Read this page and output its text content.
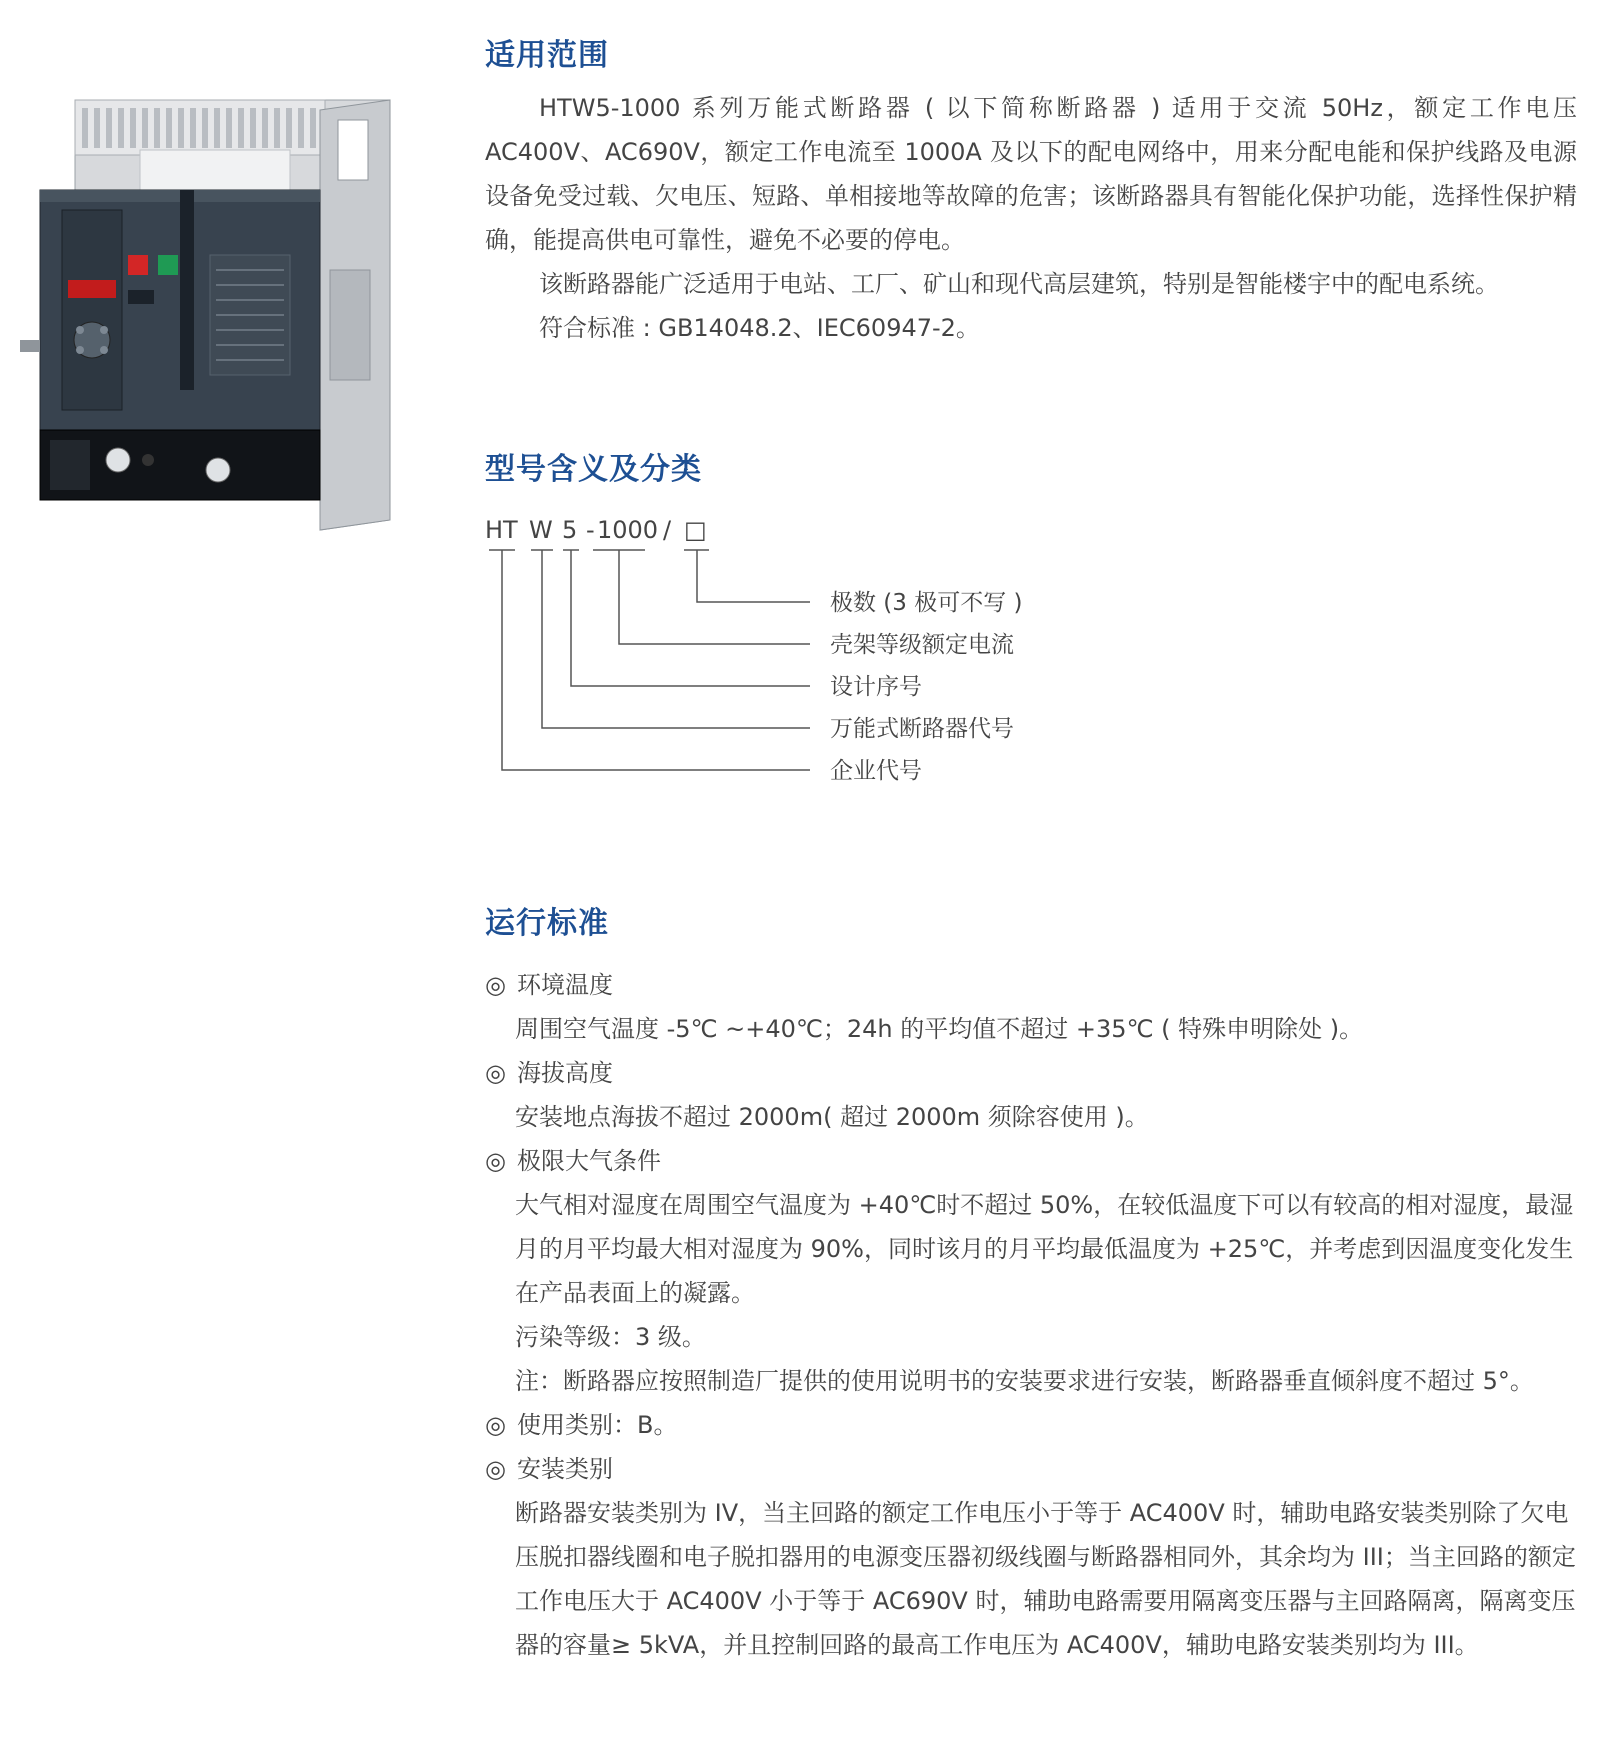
适用范围

HTW5-1000 系列万能式断路器 ( 以下简称断路器 ) 适用于交流 50Hz，额定工作电压 AC400V、AC690V，额定工作电流至 1000A 及以下的配电网络中，用来分配电能和保护线路及电源设备免受过载、欠电压、短路、单相接地等故障的危害；该断路器具有智能化保护功能，选择性保护精确，能提高供电可靠性，避免不必要的停电。

该断路器能广泛适用于电站、工厂、矿山和现代高层建筑，特别是智能楼宇中的配电系统。

符合标准 : GB14048.2、IEC60947-2。

型号含义及分类
HT W 5 - 1000 / □
极数 (3 极可不写 )
壳架等级额定电流
设计序号
万能式断路器代号
企业代号
运行标准
◎ 环境温度

周围空气温度 -5℃ ~+40℃；24h 的平均值不超过 +35℃ ( 特殊申明除处 )。

◎ 海拔高度

安装地点海拔不超过 2000m( 超过 2000m 须除容使用 )。

◎ 极限大气条件

大气相对湿度在周围空气温度为 +40℃时不超过 50%，在较低温度下可以有较高的相对湿度，最湿月的月平均最大相对湿度为 90%，同时该月的月平均最低温度为 +25℃，并考虑到因温度变化发生在产品表面上的凝露。

污染等级：3 级。

注：断路器应按照制造厂提供的使用说明书的安装要求进行安装，断路器垂直倾斜度不超过 5°。

◎ 使用类别：B。
◎ 安装类别

断路器安装类别为 IV，当主回路的额定工作电压小于等于 AC400V 时，辅助电路安装类别除了欠电压脱扣器线圈和电子脱扣器用的电源变压器初级线圈与断路器相同外，其余均为 III；当主回路的额定工作电压大于 AC400V 小于等于 AC690V 时，辅助电路需要用隔离变压器与主回路隔离，隔离变压器的容量≥ 5kVA，并且控制回路的最高工作电压为 AC400V，辅助电路安装类别均为 III。
